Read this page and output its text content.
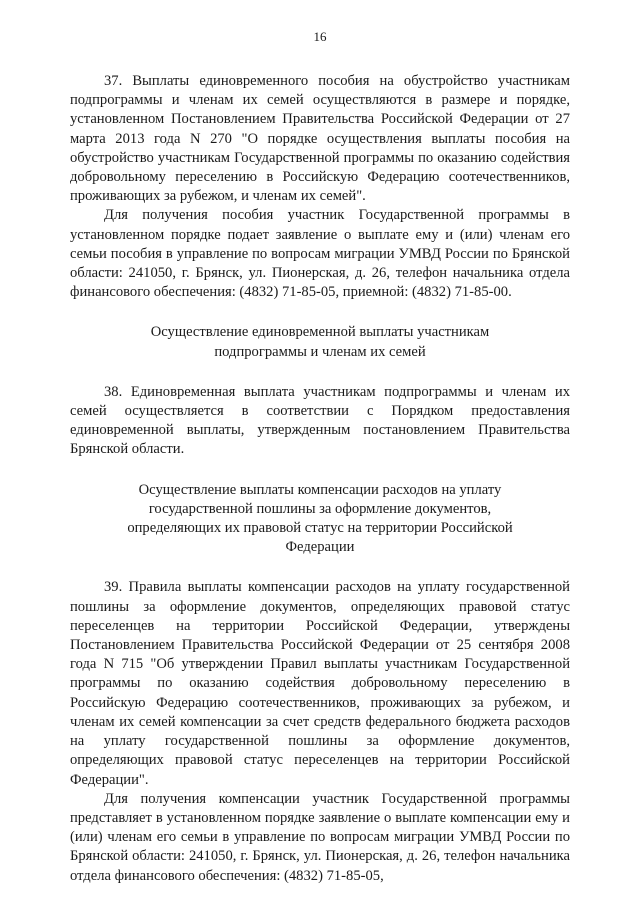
16

37. Выплаты единовременного пособия на обустройство участникам подпрограммы и членам их семей осуществляются в размере и порядке, установленном Постановлением Правительства Российской Федерации от 27 марта 2013 года N 270 "О порядке осуществления выплаты пособия на обустройство участникам Государственной программы по оказанию содействия добровольному переселению в Российскую Федерацию соотечественников, проживающих за рубежом, и членам их семей".

Для получения пособия участник Государственной программы в установленном порядке подает заявление о выплате ему и (или) членам его семьи пособия в управление по вопросам миграции УМВД России по Брянской области: 241050, г. Брянск, ул. Пионерская, д. 26, телефон начальника отдела финансового обеспечения: (4832) 71-85-05, приемной: (4832) 71-85-00.

Осуществление единовременной выплаты участникам подпрограммы и членам их семей

38. Единовременная выплата участникам подпрограммы и членам их семей осуществляется в соответствии с Порядком предоставления единовременной выплаты, утвержденным постановлением Правительства Брянской области.

Осуществление выплаты компенсации расходов на уплату государственной пошлины за оформление документов, определяющих их правовой статус на территории Российской Федерации

39. Правила выплаты компенсации расходов на уплату государственной пошлины за оформление документов, определяющих правовой статус переселенцев на территории Российской Федерации, утверждены Постановлением Правительства Российской Федерации от 25 сентября 2008 года N 715 "Об утверждении Правил выплаты участникам Государственной программы по оказанию содействия добровольному переселению в Российскую Федерацию соотечественников, проживающих за рубежом, и членам их семей компенсации за счет средств федерального бюджета расходов на уплату государственной пошлины за оформление документов, определяющих правовой статус переселенцев на территории Российской Федерации".

Для получения компенсации участник Государственной программы представляет в установленном порядке заявление о выплате компенсации ему и (или) членам его семьи в управление по вопросам миграции УМВД России по Брянской области: 241050, г. Брянск, ул. Пионерская, д. 26, телефон начальника отдела финансового обеспечения: (4832) 71-85-05,
